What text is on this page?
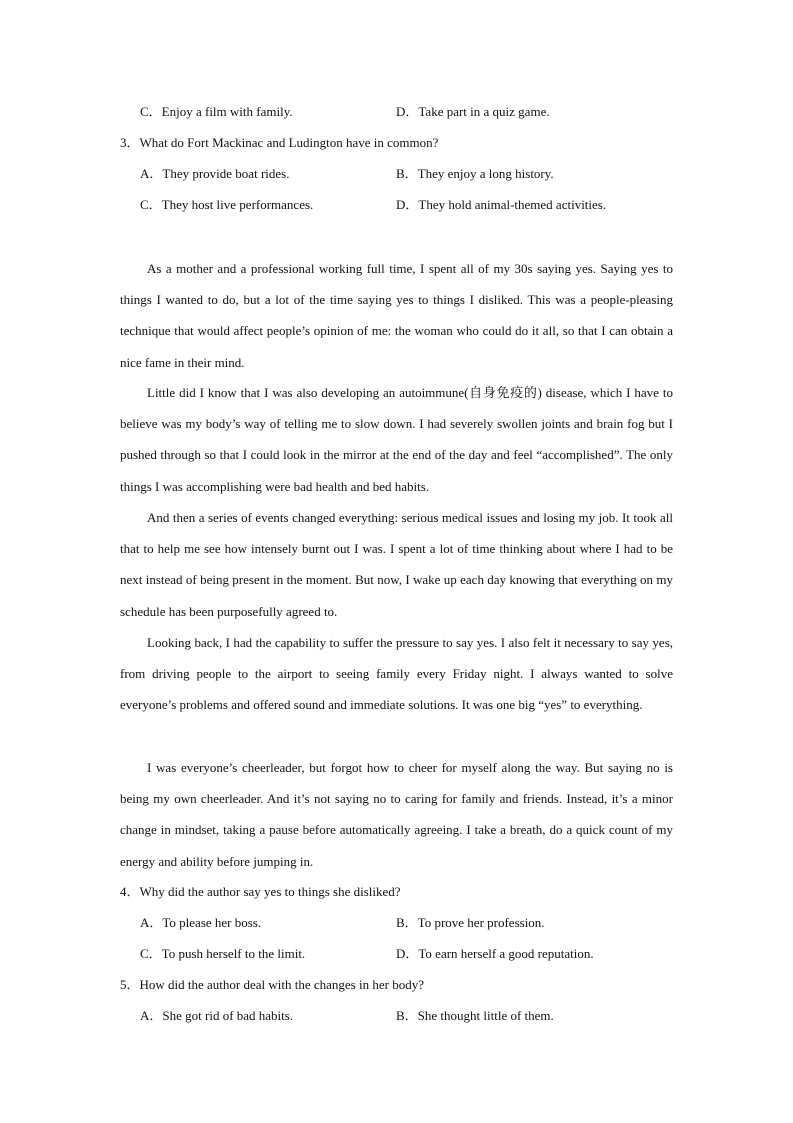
C．Enjoy a film with family.	D．Take part in a quiz game.
3．What do Fort Mackinac and Ludington have in common?
A．They provide boat rides.	B．They enjoy a long history.
C．They host live performances.	D．They hold animal-themed activities.

As a mother and a professional working full time, I spent all of my 30s saying yes. Saying yes to things I wanted to do, but a lot of the time saying yes to things I disliked. This was a people-pleasing technique that would affect people’s opinion of me: the woman who could do it all, so that I can obtain a nice fame in their mind.

Little did I know that I was also developing an autoimmune(自身免疫的) disease, which I have to believe was my body’s way of telling me to slow down. I had severely swollen joints and brain fog but I pushed through so that I could look in the mirror at the end of the day and feel “accomplished”. The only things I was accomplishing were bad health and bed habits.

And then a series of events changed everything: serious medical issues and losing my job. It took all that to help me see how intensely burnt out I was. I spent a lot of time thinking about where I had to be next instead of being present in the moment. But now, I wake up each day knowing that everything on my schedule has been purposefully agreed to.

Looking back, I had the capability to suffer the pressure to say yes. I also felt it necessary to say yes, from driving people to the airport to seeing family every Friday night. I always wanted to solve everyone’s problems and offered sound and immediate solutions. It was one big “yes” to everything.

I was everyone’s cheerleader, but forgot how to cheer for myself along the way. But saying no is being my own cheerleader. And it’s not saying no to caring for family and friends. Instead, it’s a minor change in mindset, taking a pause before automatically agreeing. I take a breath, do a quick count of my energy and ability before jumping in.

4．Why did the author say yes to things she disliked?
A．To please her boss.	B．To prove her profession.
C．To push herself to the limit.	D．To earn herself a good reputation.
5．How did the author deal with the changes in her body?
A．She got rid of bad habits.	B．She thought little of them.
